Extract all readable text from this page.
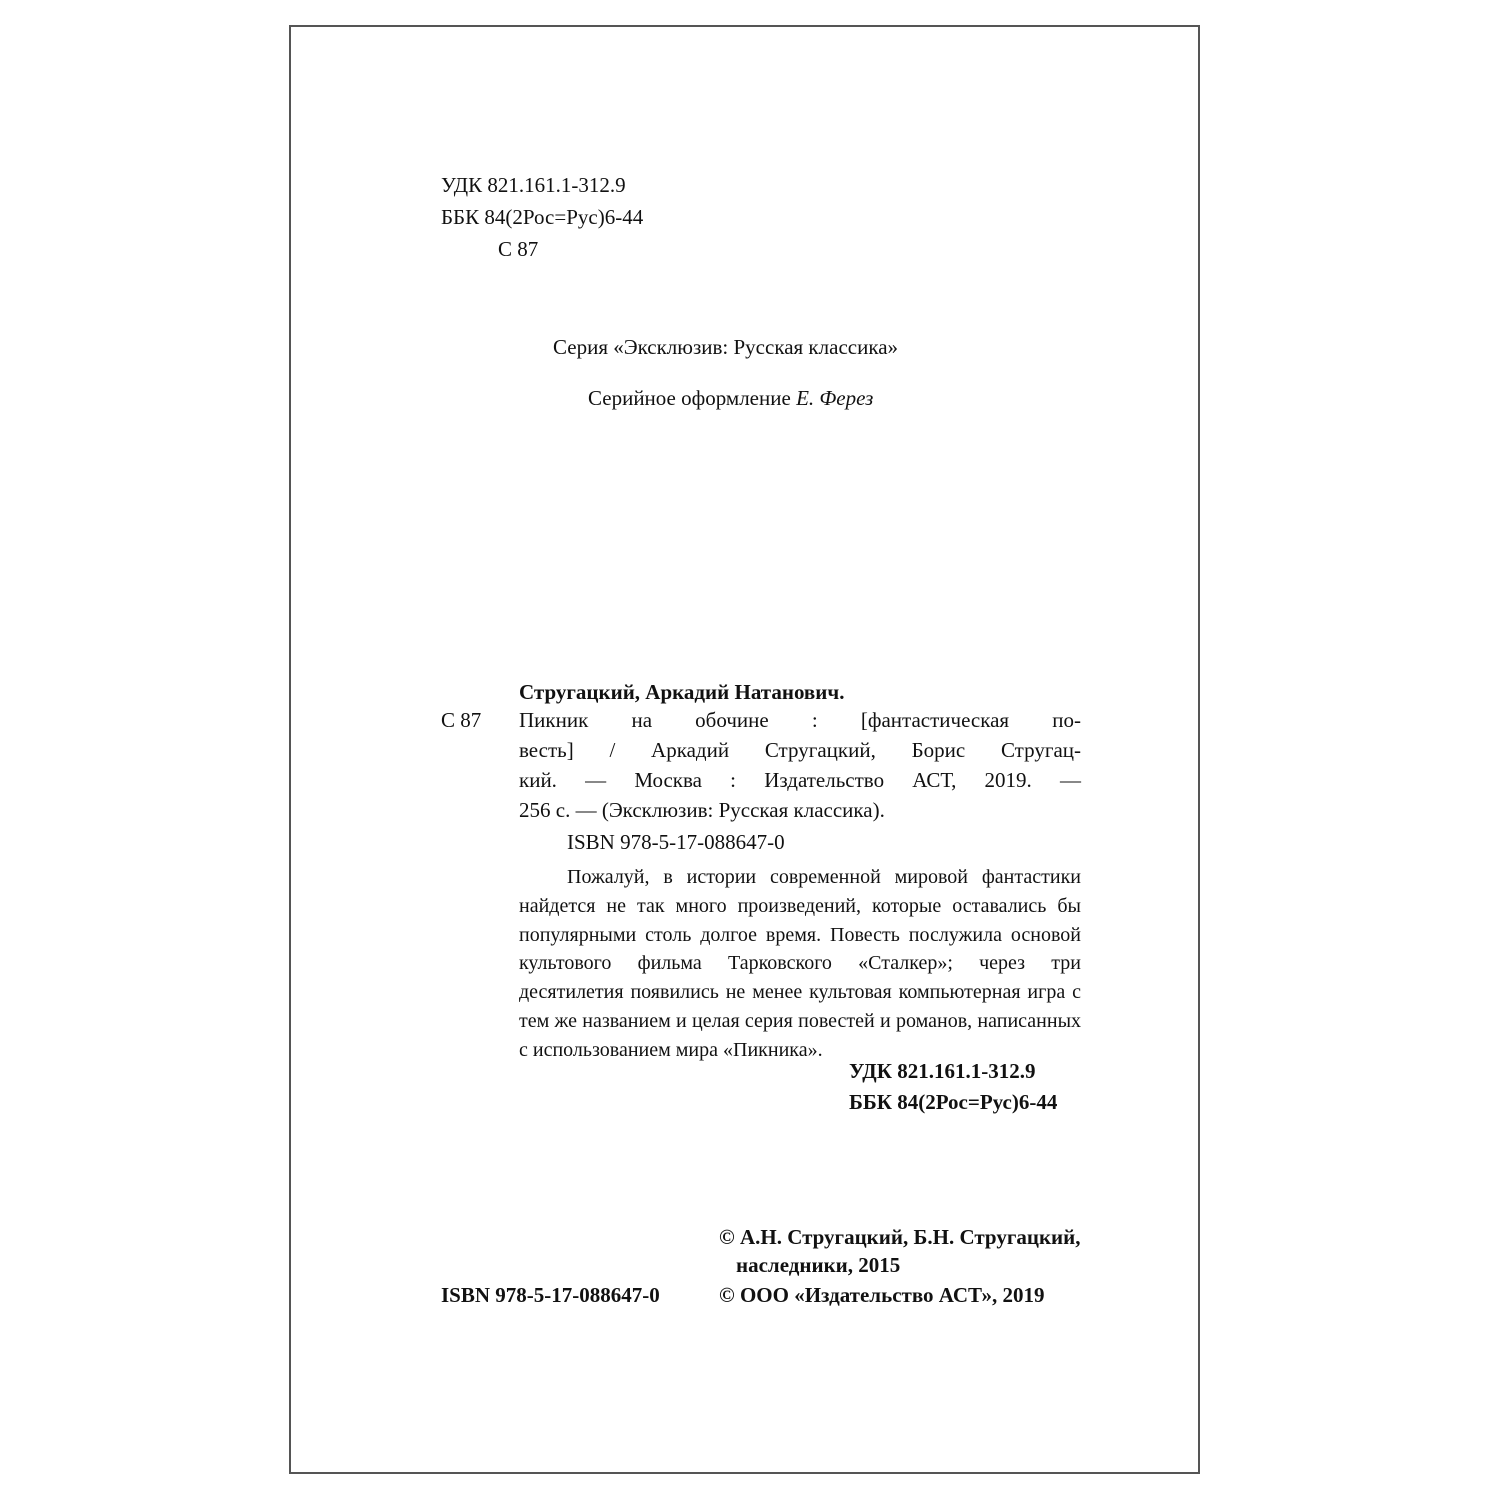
УДК 821.161.1-312.9

ББК 84(2Рос=Рус)6-44

С 87

Серия «Эксклюзив: Русская классика»

Серийное оформление Е. Ферез

Стругацкий, Аркадий Натанович.

С 87 Пикник на обочине : [фантастическая по-
весть] / Аркадий Стругацкий, Борис Стругац-
кий. — Москва : Издательство АСТ, 2019. —
256 с. — (Эксклюзив: Русская классика).

ISBN 978-5-17-088647-0

Пожалуй, в истории современной мировой фантастики найдется не так много произведений, которые оставались бы популярными столь долгое время. Повесть послужила основой культового фильма Тарковского «Сталкер»; через три десятилетия появились не менее культовая компьютерная игра с тем же названием и целая серия повестей и романов, написанных с использованием мира «Пикника».

УДК 821.161.1-312.9

ББК 84(2Рос=Рус)6-44

© А.Н. Стругацкий, Б.Н. Стругацкий,

наследники, 2015

ISBN 978-5-17-088647-0	© ООО «Издательство АСТ», 2019
